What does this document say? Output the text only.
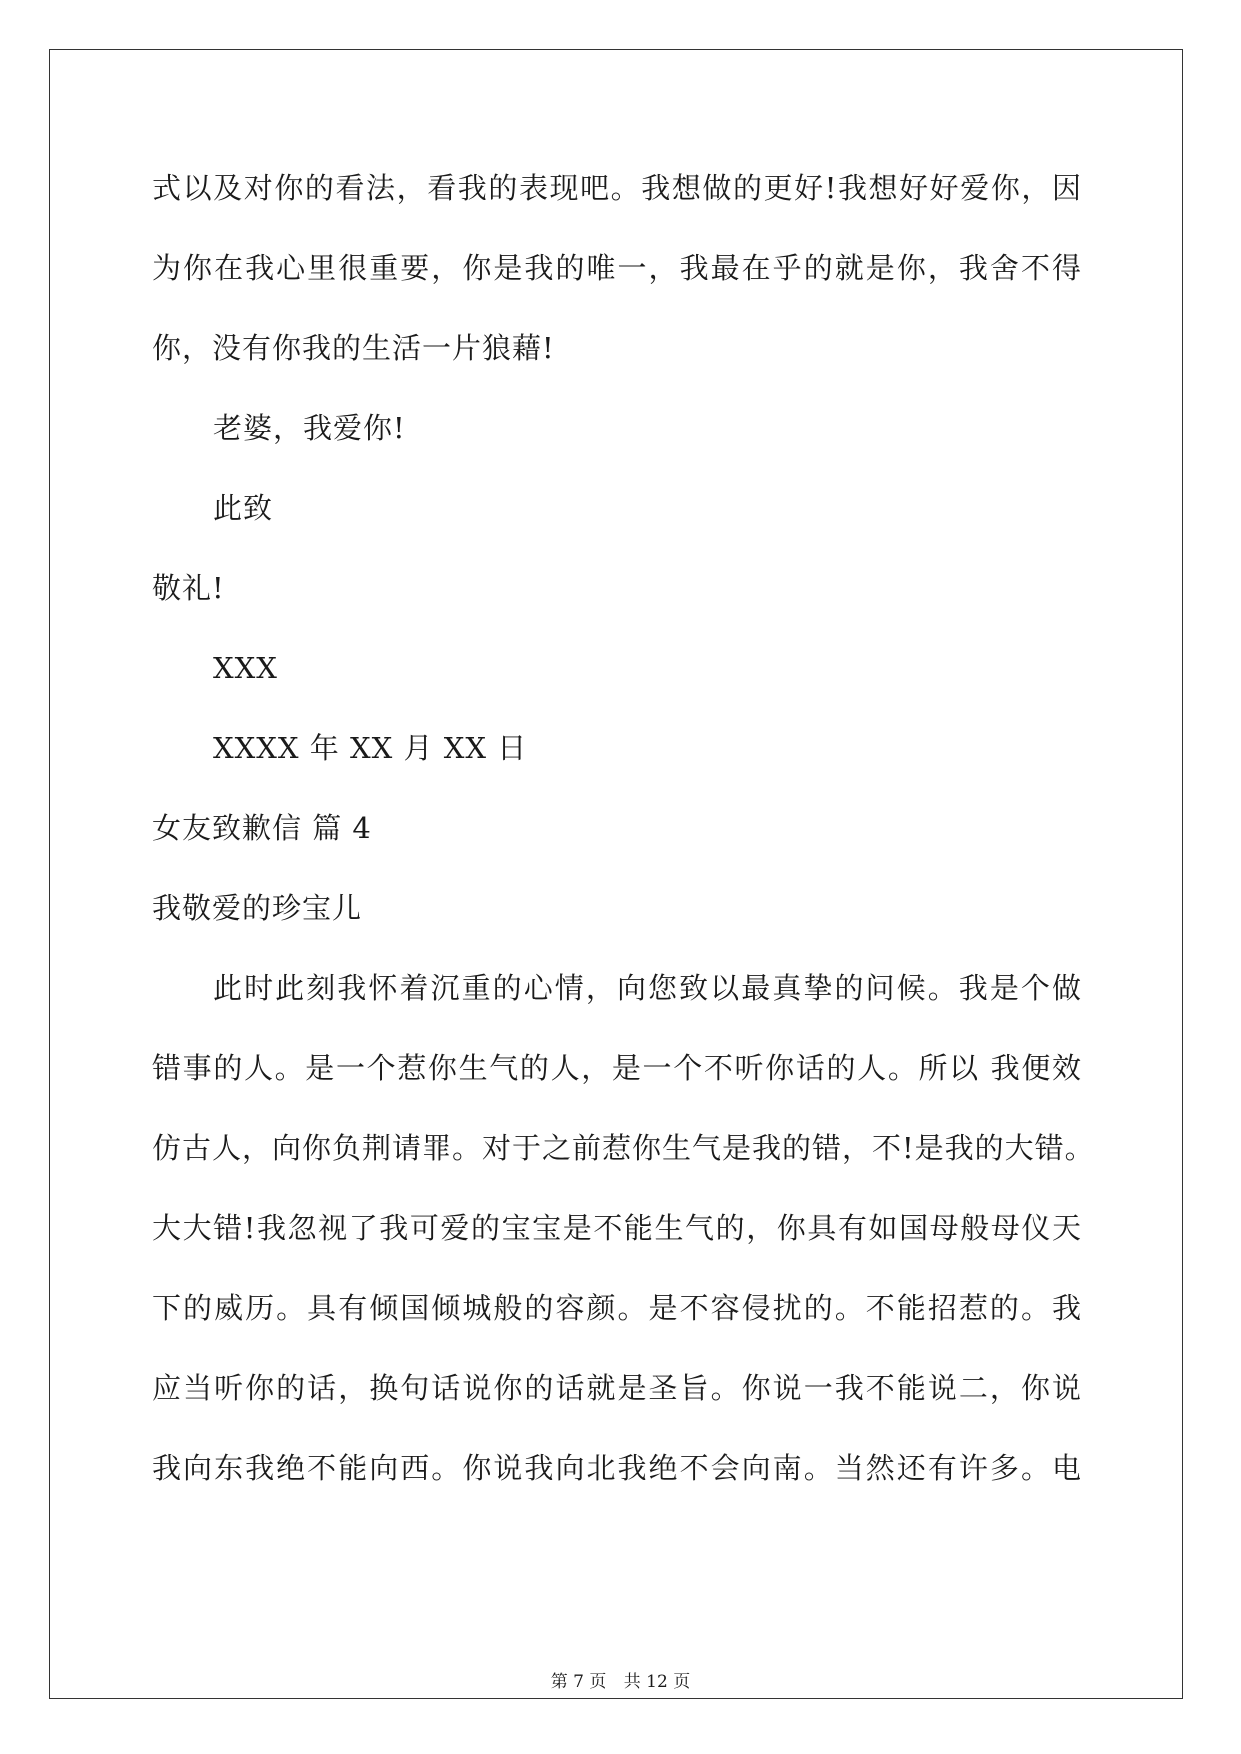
式以及对你的看法，看我的表现吧。我想做的更好!我想好好爱你，因
为你在我心里很重要，你是我的唯一，我最在乎的就是你，我舍不得
你，没有你我的生活一片狼藉!
老婆，我爱你!
此致
敬礼!
XXX
XXXX 年 XX 月 XX 日
女友致歉信 篇 4
我敬爱的珍宝儿
此时此刻我怀着沉重的心情，向您致以最真挚的问候。我是个做
错事的人。是一个惹你生气的人，是一个不听你话的人。所以 我便效
仿古人，向你负荆请罪。对于之前惹你生气是我的错，不!是我的大错。
大大错!我忽视了我可爱的宝宝是不能生气的，你具有如国母般母仪天
下的威历。具有倾国倾城般的容颜。是不容侵扰的。不能招惹的。我
应当听你的话，换句话说你的话就是圣旨。你说一我不能说二，你说
我向东我绝不能向西。你说我向北我绝不会向南。当然还有许多。电
第 7 页 共 12 页
